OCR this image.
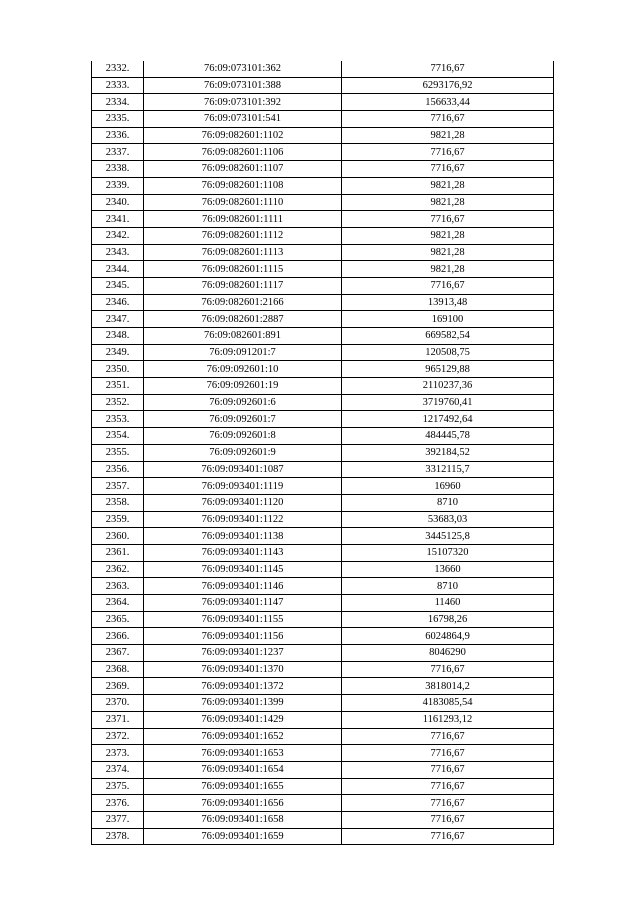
2332.	76:09:073101:362	7716,67
2333.	76:09:073101:388	6293176,92
2334.	76:09:073101:392	156633,44
2335.	76:09:073101:541	7716,67
2336.	76:09:082601:1102	9821,28
2337.	76:09:082601:1106	7716,67
2338.	76:09:082601:1107	7716,67
2339.	76:09:082601:1108	9821,28
2340.	76:09:082601:1110	9821,28
2341.	76:09:082601:1111	7716,67
2342.	76:09:082601:1112	9821,28
2343.	76:09:082601:1113	9821,28
2344.	76:09:082601:1115	9821,28
2345.	76:09:082601:1117	7716,67
2346.	76:09:082601:2166	13913,48
2347.	76:09:082601:2887	169100
2348.	76:09:082601:891	669582,54
2349.	76:09:091201:7	120508,75
2350.	76:09:092601:10	965129,88
2351.	76:09:092601:19	2110237,36
2352.	76:09:092601:6	3719760,41
2353.	76:09:092601:7	1217492,64
2354.	76:09:092601:8	484445,78
2355.	76:09:092601:9	392184,52
2356.	76:09:093401:1087	3312115,7
2357.	76:09:093401:1119	16960
2358.	76:09:093401:1120	8710
2359.	76:09:093401:1122	53683,03
2360.	76:09:093401:1138	3445125,8
2361.	76:09:093401:1143	15107320
2362.	76:09:093401:1145	13660
2363.	76:09:093401:1146	8710
2364.	76:09:093401:1147	11460
2365.	76:09:093401:1155	16798,26
2366.	76:09:093401:1156	6024864,9
2367.	76:09:093401:1237	8046290
2368.	76:09:093401:1370	7716,67
2369.	76:09:093401:1372	3818014,2
2370.	76:09:093401:1399	4183085,54
2371.	76:09:093401:1429	1161293,12
2372.	76:09:093401:1652	7716,67
2373.	76:09:093401:1653	7716,67
2374.	76:09:093401:1654	7716,67
2375.	76:09:093401:1655	7716,67
2376.	76:09:093401:1656	7716,67
2377.	76:09:093401:1658	7716,67
2378.	76:09:093401:1659	7716,67
